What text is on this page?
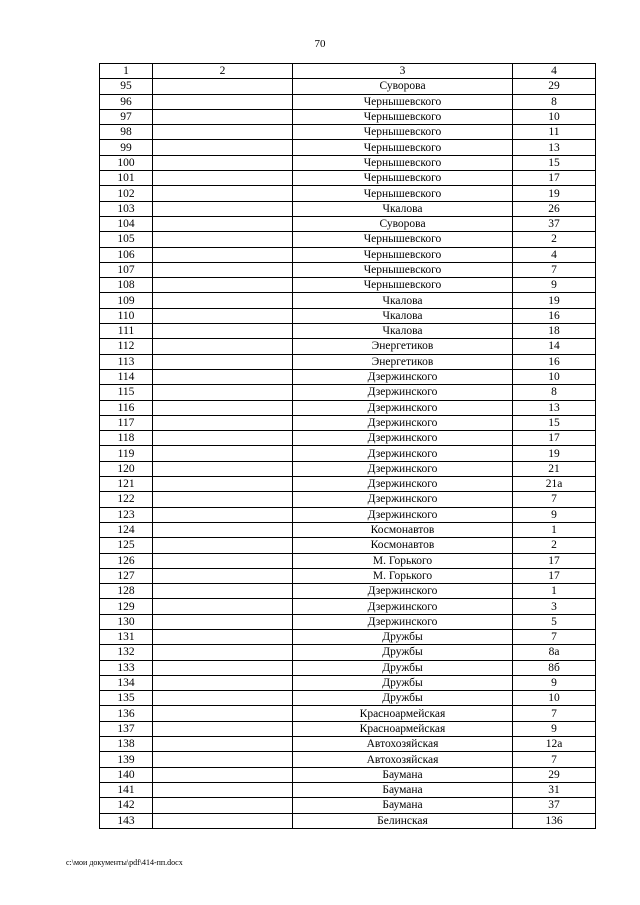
70
1	2	3	4
95		Суворова	29
96		Чернышевского	8
97		Чернышевского	10
98		Чернышевского	11
99		Чернышевского	13
100		Чернышевского	15
101		Чернышевского	17
102		Чернышевского	19
103		Чкалова	26
104		Суворова	37
105		Чернышевского	2
106		Чернышевского	4
107		Чернышевского	7
108		Чернышевского	9
109		Чкалова	19
110		Чкалова	16
111		Чкалова	18
112		Энергетиков	14
113		Энергетиков	16
114		Дзержинского	10
115		Дзержинского	8
116		Дзержинского	13
117		Дзержинского	15
118		Дзержинского	17
119		Дзержинского	19
120		Дзержинского	21
121		Дзержинского	21а
122		Дзержинского	7
123		Дзержинского	9
124		Космонавтов	1
125		Космонавтов	2
126		М. Горького	17
127		М. Горького	17
128		Дзержинского	1
129		Дзержинского	3
130		Дзержинского	5
131		Дружбы	7
132		Дружбы	8а
133		Дружбы	8б
134		Дружбы	9
135		Дружбы	10
136		Красноармейская	7
137		Красноармейская	9
138		Автохозяйская	12а
139		Автохозяйская	7
140		Баумана	29
141		Баумана	31
142		Баумана	37
143		Белинская	136
c:\мои документы\pdf\414-пп.docx
